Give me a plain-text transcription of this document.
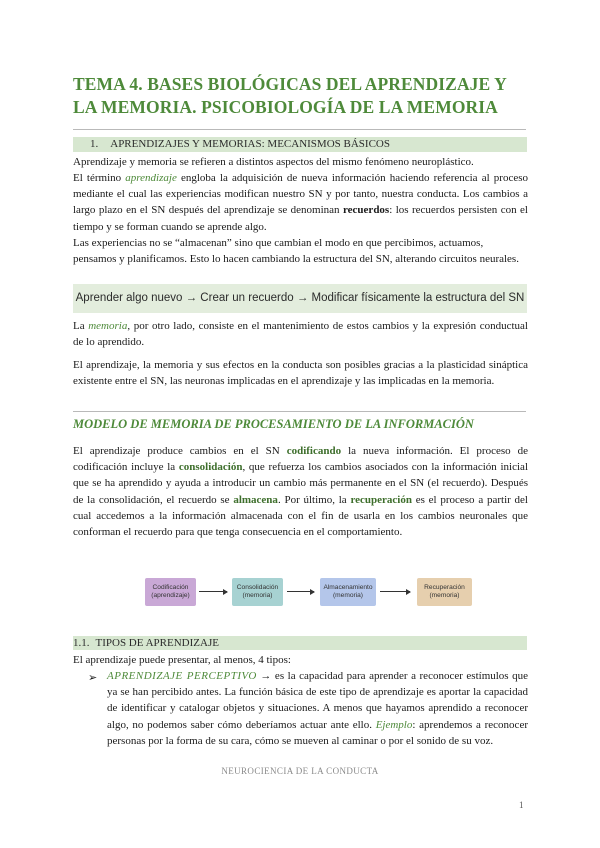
TEMA 4. BASES BIOLÓGICAS DEL APRENDIZAJE Y LA MEMORIA. PSICOBIOLOGÍA DE LA MEMORIA
1. APRENDIZAJES Y MEMORIAS: MECANISMOS BÁSICOS

Aprendizaje y memoria se refieren a distintos aspectos del mismo fenómeno neuroplástico.

El término aprendizaje engloba la adquisición de nueva información haciendo referencia al proceso mediante el cual las experiencias modifican nuestro SN y por tanto, nuestra conducta. Los cambios a largo plazo en el SN después del aprendizaje se denominan recuerdos: los recuerdos persisten con el tiempo y se forman cuando se aprende algo.

Las experiencias no se “almacenan” sino que cambian el modo en que percibimos, actuamos, pensamos y planificamos. Esto lo hacen cambiando la estructura del SN, alterando circuitos neurales.

Aprender algo nuevo → Crear un recuerdo → Modificar físicamente la estructura del SN

La memoria, por otro lado, consiste en el mantenimiento de estos cambios y la expresión conductual de lo aprendido.

El aprendizaje, la memoria y sus efectos en la conducta son posibles gracias a la plasticidad sináptica existente entre el SN, las neuronas implicadas en el aprendizaje y las implicadas en la memoria.

MODELO DE MEMORIA DE PROCESAMIENTO DE LA INFORMACIÓN

El aprendizaje produce cambios en el SN codificando la nueva información. El proceso de codificación incluye la consolidación, que refuerza los cambios asociados con la información inicial que se ha aprendido y ayuda a introducir un cambio más permanente en el SN (el recuerdo). Después de la consolidación, el recuerdo se almacena. Por último, la recuperación es el proceso a partir del cual accedemos a la información almacenada con el fin de usarla en los cambios neuronales que conforman el recuerdo para que tenga consecuencia en el comportamiento.

Codificación
(aprendizaje)
Consolidación
(memoria)
Almacenamiento
(memoria)
Recuperación
(memoria)
1.1. TIPOS DE APRENDIZAJE

El aprendizaje puede presentar, al menos, 4 tipos:

➢ APRENDIZAJE PERCEPTIVO → es la capacidad para aprender a reconocer estímulos que ya se han percibido antes. La función básica de este tipo de aprendizaje es aportar la capacidad de identificar y catalogar objetos y situaciones. A menos que hayamos aprendido a reconocer algo, no podemos saber cómo deberíamos actuar ante ello. Ejemplo: aprendemos a reconocer personas por la forma de su cara, cómo se mueven al caminar o por el sonido de su voz.

NEUROCIENCIA DE LA CONDUCTA
1
